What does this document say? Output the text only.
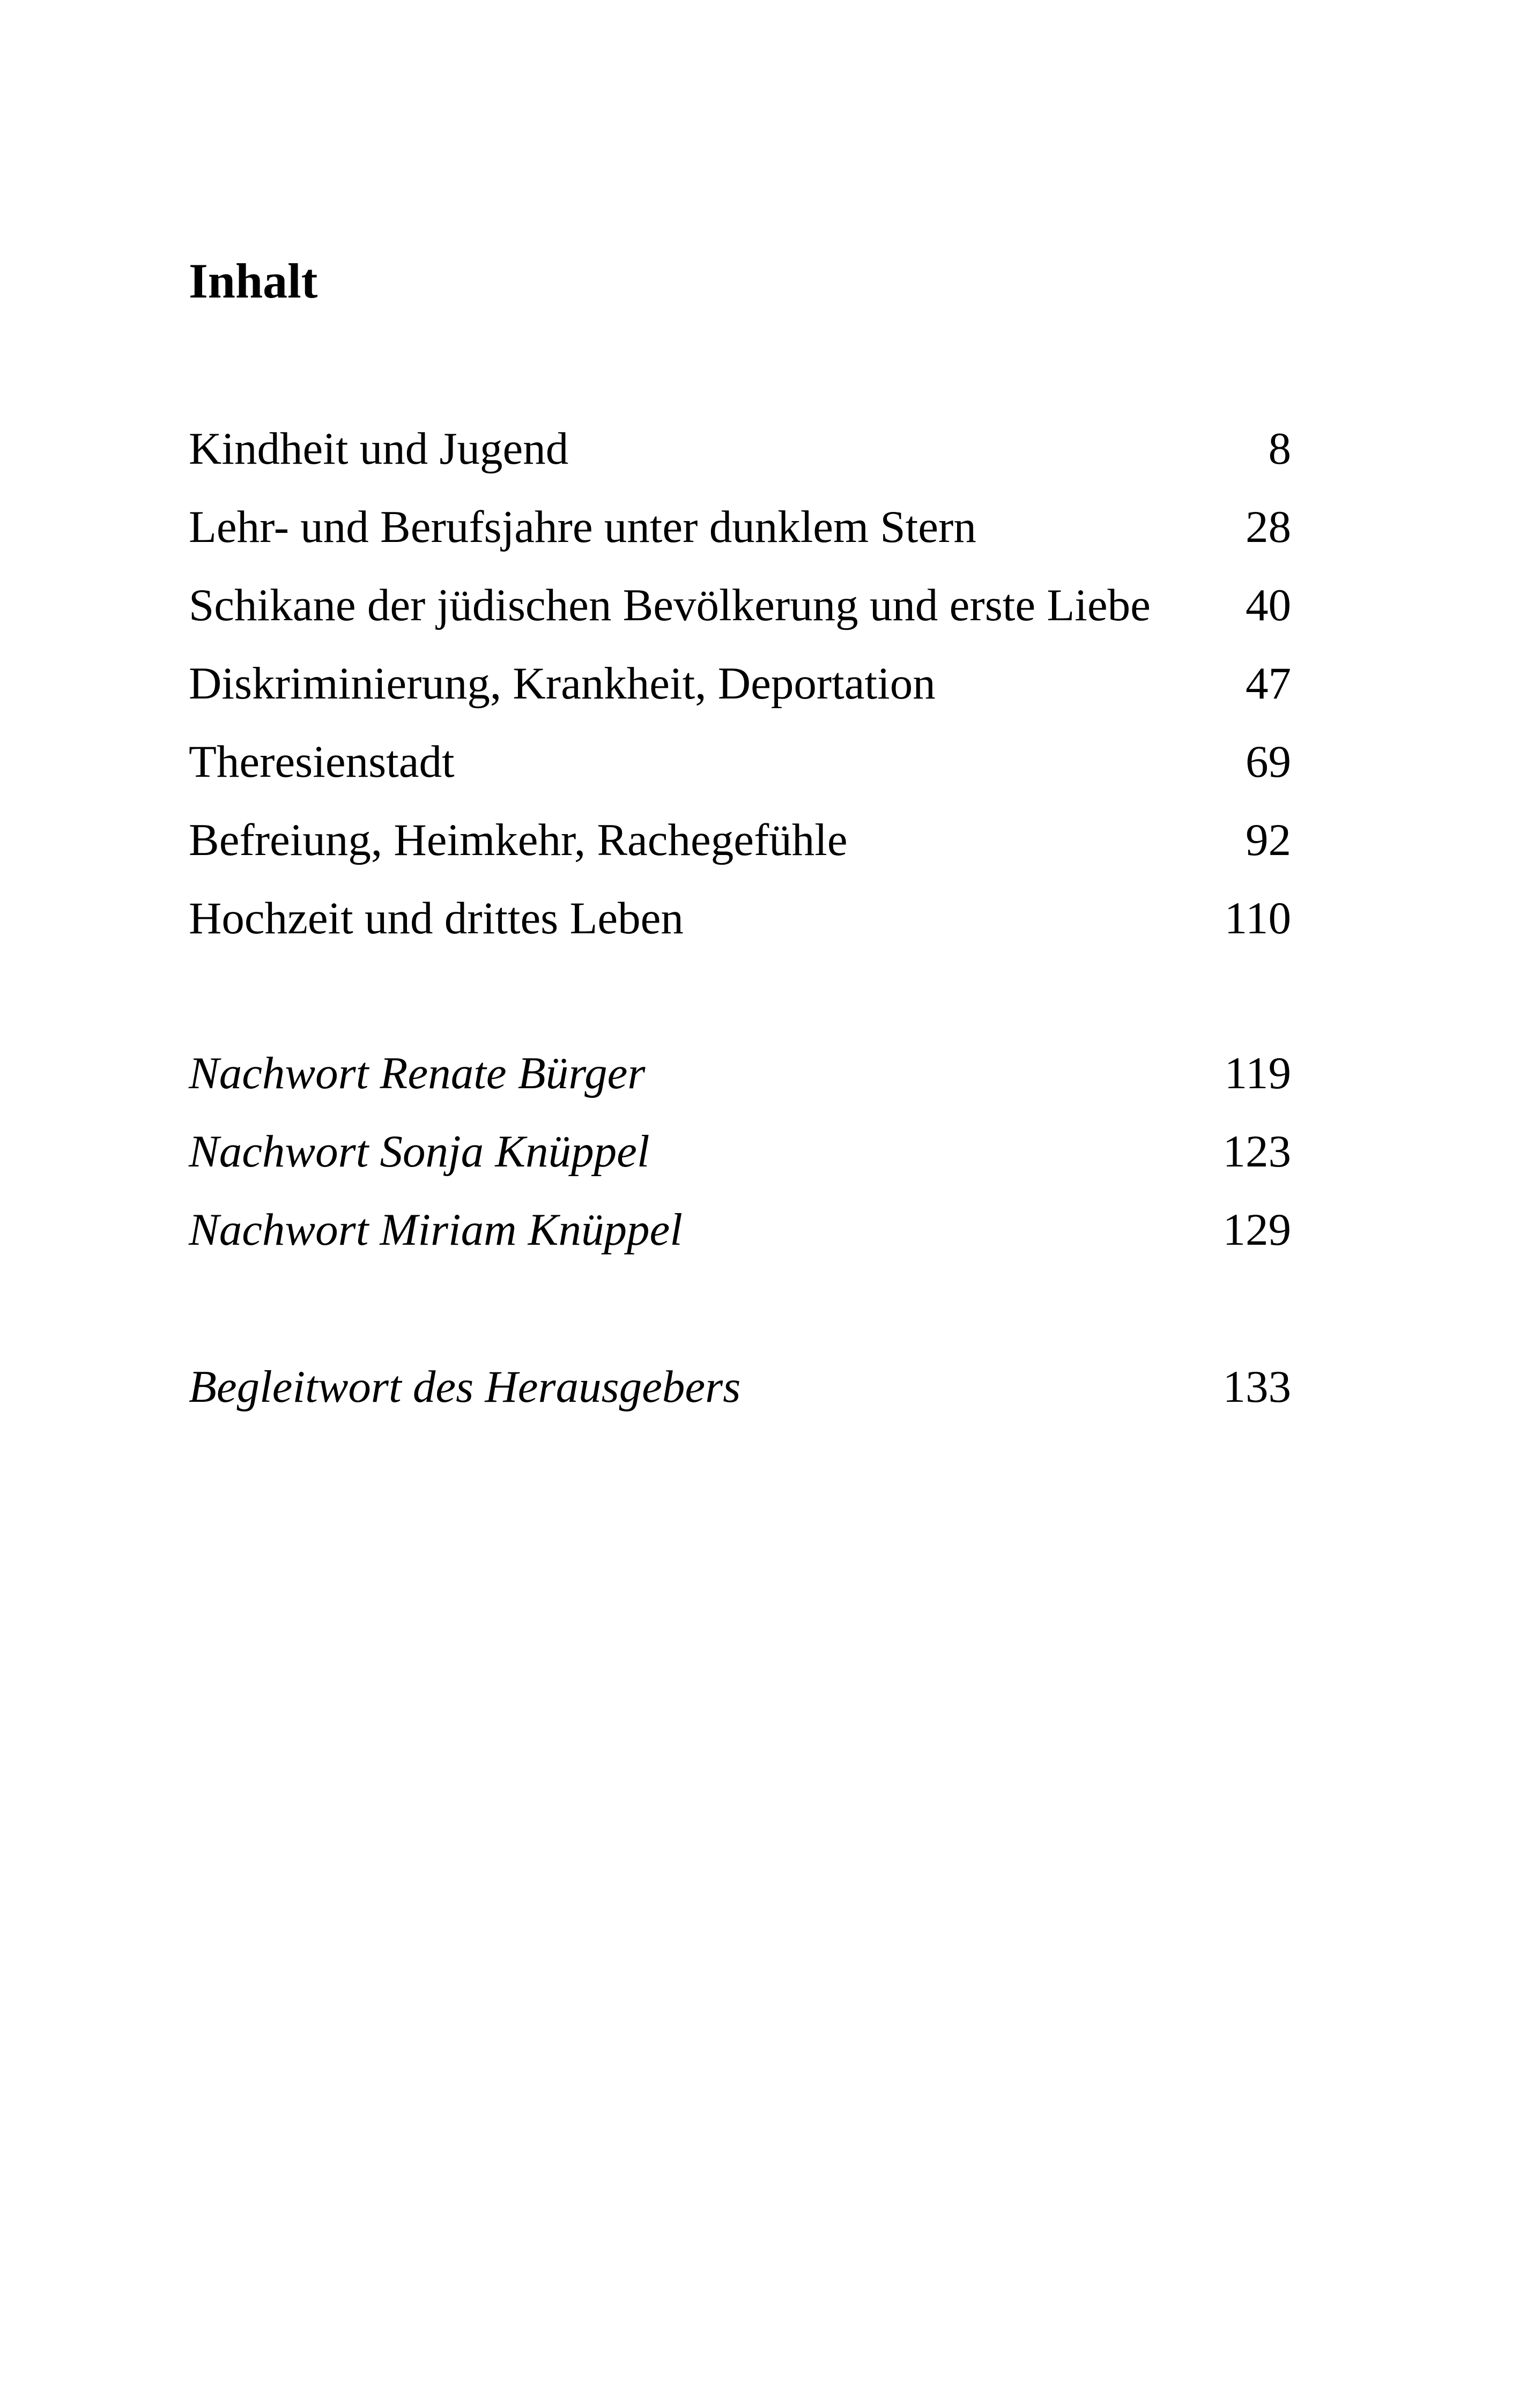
Inhalt
Kindheit und Jugend	8
Lehr- und Berufsjahre unter dunklem Stern	28
Schikane der jüdischen Bevölkerung und erste Liebe	40
Diskriminierung, Krankheit, Deportation	47
Theresienstadt	69
Befreiung, Heimkehr, Rachegefühle	92
Hochzeit und drittes Leben	110
Nachwort Renate Bürger	119
Nachwort Sonja Knüppel	123
Nachwort Miriam Knüppel	129
Begleitwort des Herausgebers	133
